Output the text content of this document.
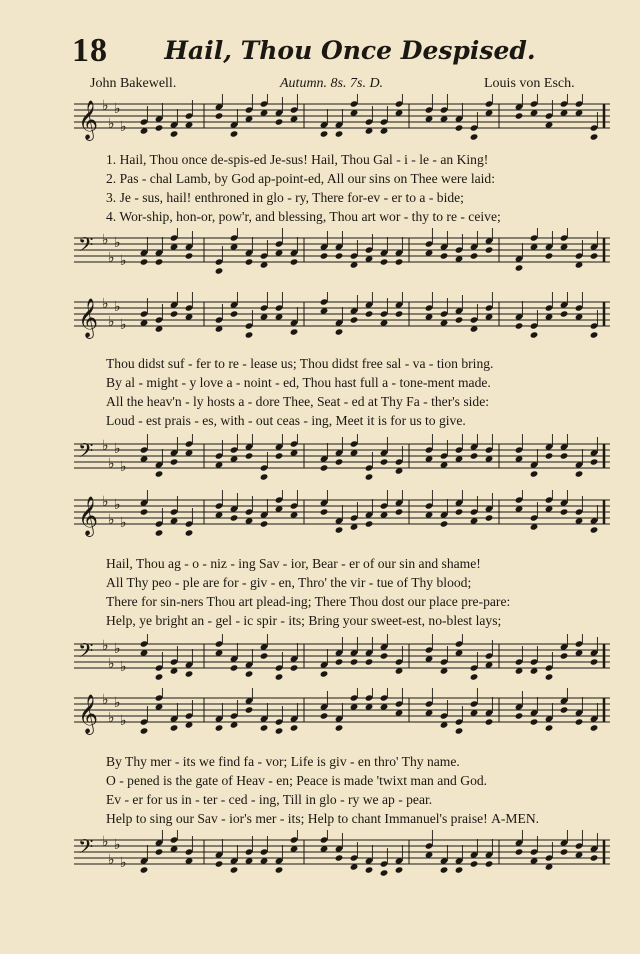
18	Hail, Thou Once Despised.
John Bakewell.	Autumn. 8s. 7s. D.	Louis von Esch.
𝄞 ♭
♭
♭
♭
1. Hail, Thou once de-spis-ed Je-sus! Hail, Thou Gal - i - le - an King!
2. Pas - chal Lamb, by God ap-point-ed, All our sins on Thee were laid:
3. Je - sus, hail! enthroned in glo - ry, There for-ev - er to a - bide;
4. Wor-ship, hon-or, pow'r, and blessing, Thou art wor - thy to re - ceive;
𝄢 ♭
♭
♭
♭
𝄞 ♭
♭
♭
♭
Thou didst suf - fer to re - lease us; Thou didst free sal - va - tion bring.
By al - might - y love a - noint - ed, Thou hast full a - tone-ment made.
All the heav'n - ly hosts a - dore Thee, Seat - ed at Thy Fa - ther's side:
Loud - est prais - es, with - out ceas - ing, Meet it is for us to give.
𝄢 ♭
♭
♭
♭
𝄞 ♭
♭
♭
♭
Hail, Thou ag - o - niz - ing Sav - ior, Bear - er of our sin and shame!
All Thy peo - ple are for - giv - en, Thro' the vir - tue of Thy blood;
There for sin-ners Thou art plead-ing; There Thou dost our place pre-pare:
Help, ye bright an - gel - ic spir - its; Bring your sweet-est, no-blest lays;
𝄢 ♭
♭
♭
♭
𝄞 ♭
♭
♭
♭
By Thy mer - its we find fa - vor; Life is giv - en thro' Thy name.
O - pened is the gate of Heav - en; Peace is made 'twixt man and God.
Ev - er for us in - ter - ced - ing, Till in glo - ry we ap - pear.
Help to sing our Sav - ior's mer - its; Help to chant Immanuel's praise! A-MEN.
𝄢 ♭
♭
♭
♭
